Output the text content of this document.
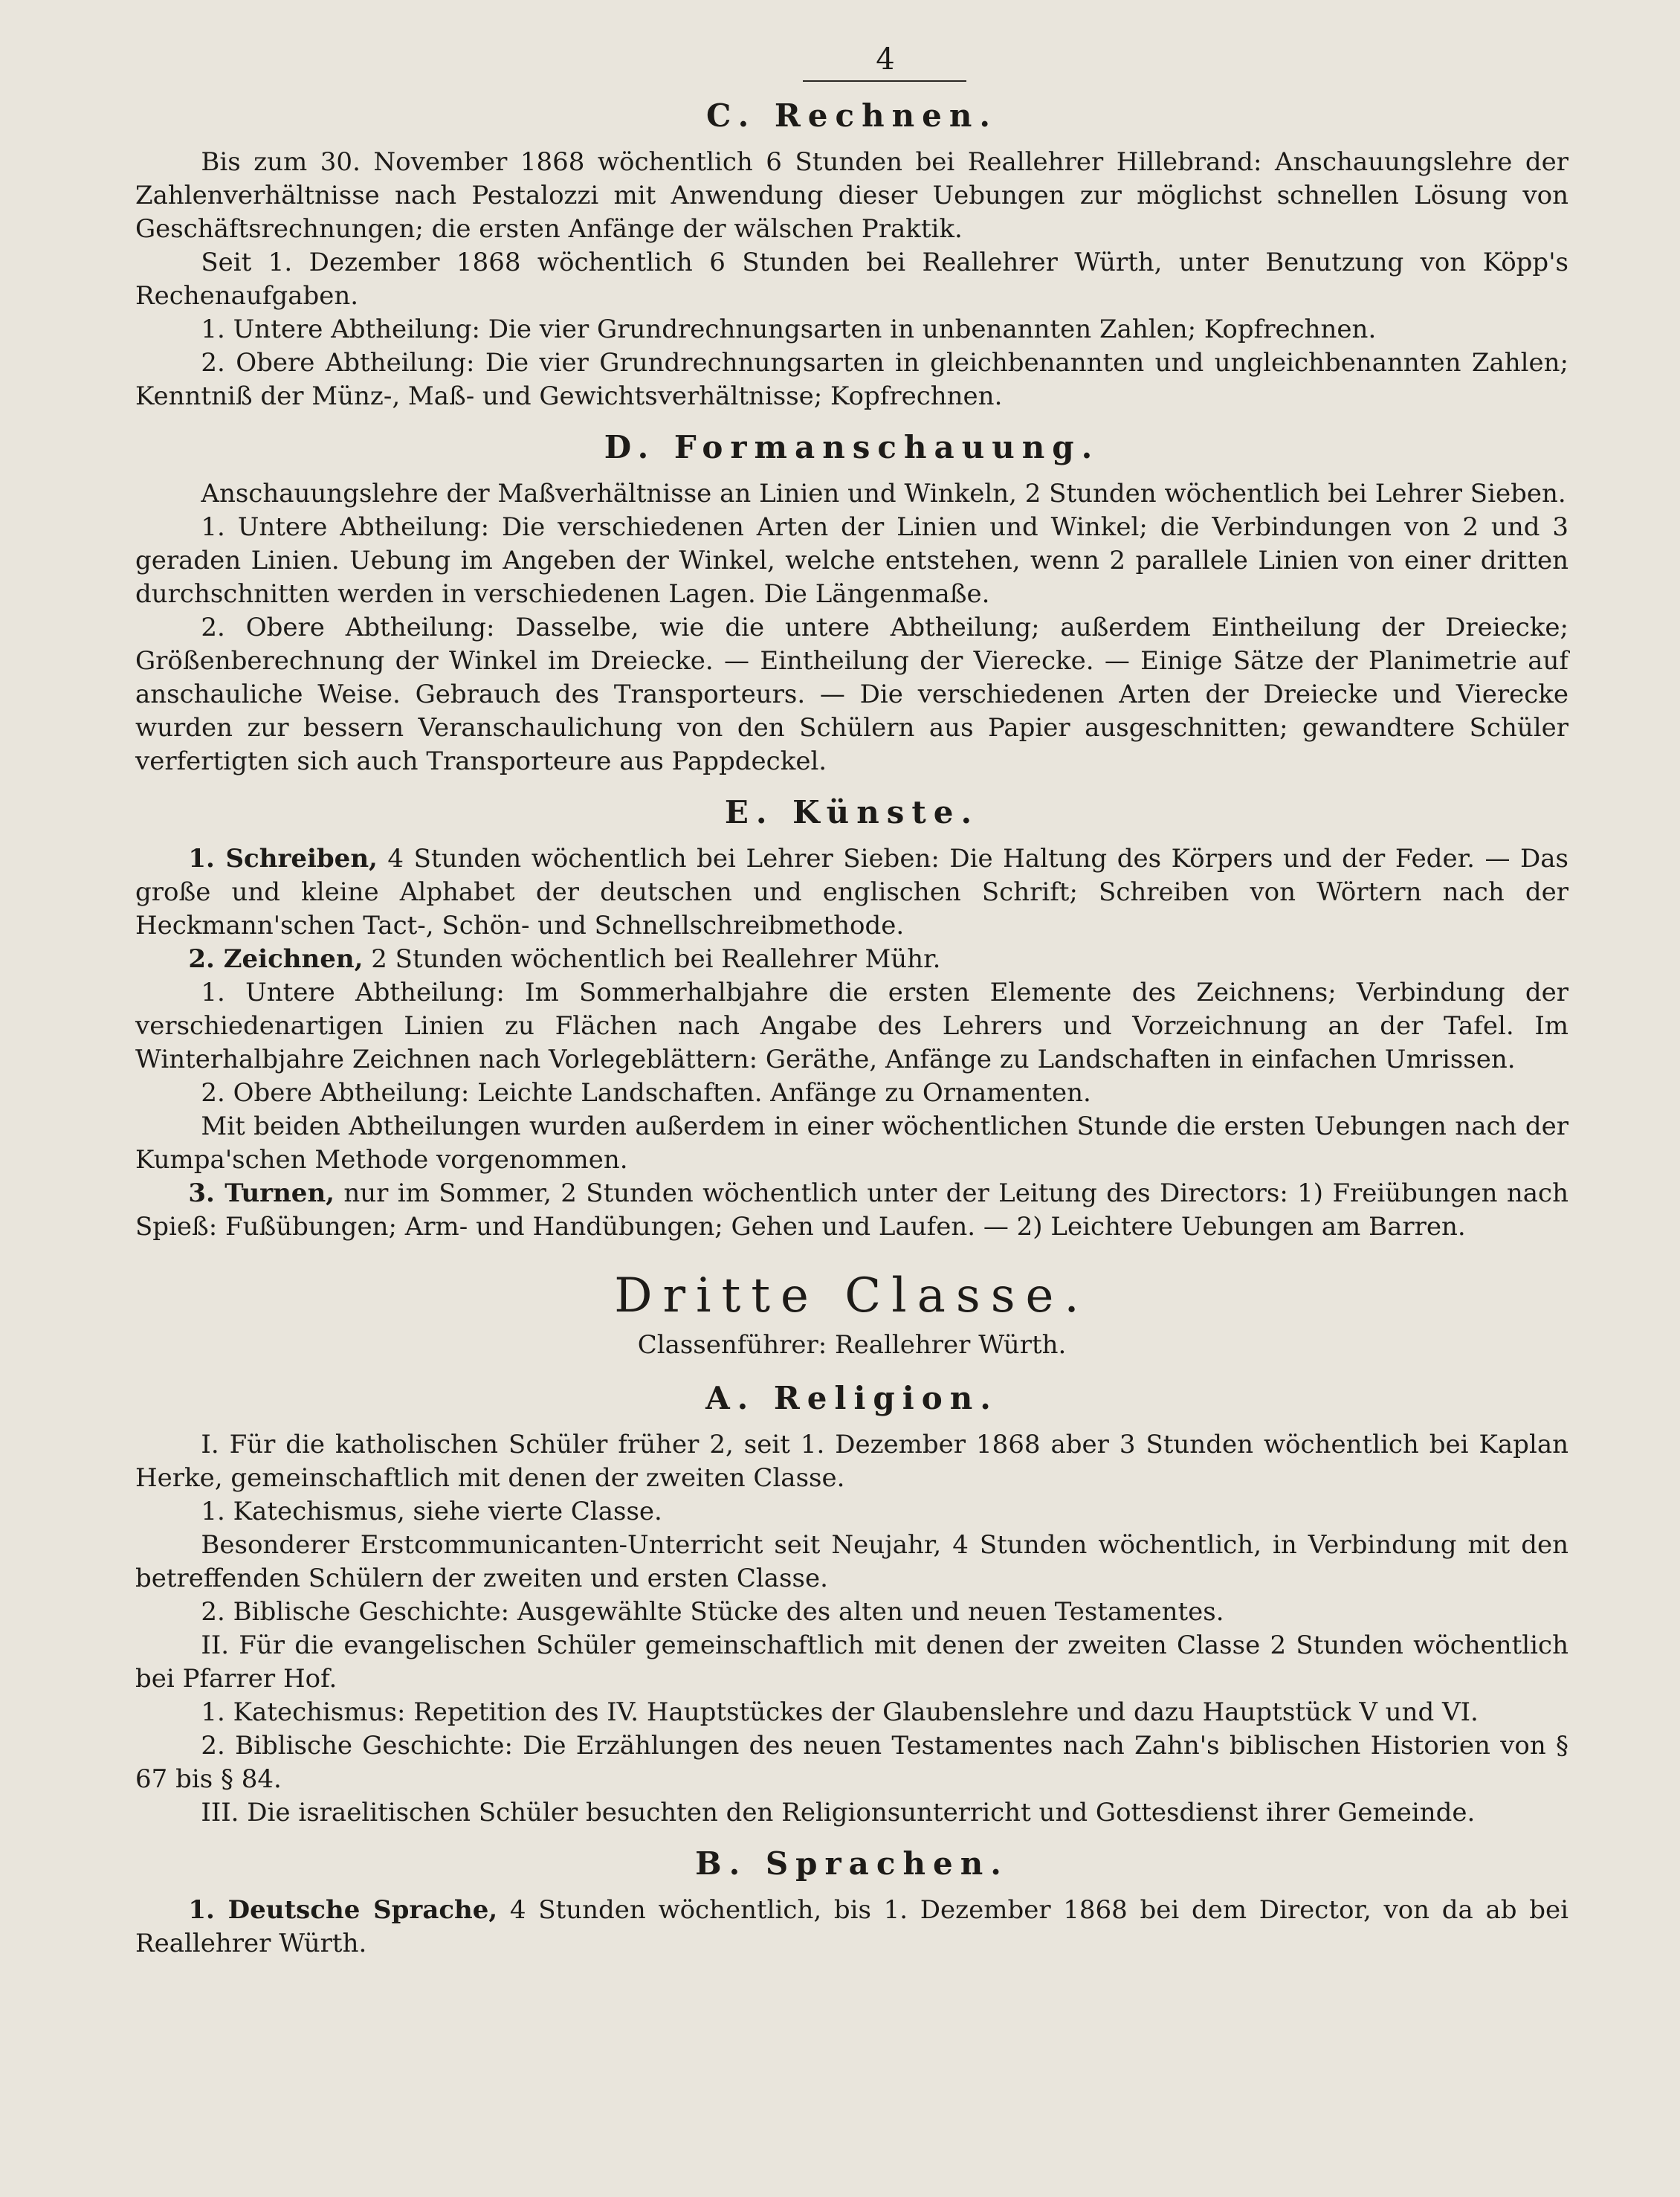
4
C. Rechnen.

Bis zum 30. November 1868 wöchentlich 6 Stunden bei Reallehrer Hillebrand: Anschauungslehre der Zahlenverhältnisse nach Pestalozzi mit Anwendung dieser Uebungen zur möglichst schnellen Lösung von Geschäftsrechnungen; die ersten Anfänge der wälschen Praktik.

Seit 1. Dezember 1868 wöchentlich 6 Stunden bei Reallehrer Würth, unter Benutzung von Köpp's Rechenaufgaben.

1. Untere Abtheilung: Die vier Grundrechnungsarten in unbenannten Zahlen; Kopfrechnen.

2. Obere Abtheilung: Die vier Grundrechnungsarten in gleichbenannten und ungleichbenannten Zahlen; Kenntniß der Münz-, Maß- und Gewichtsverhältnisse; Kopfrechnen.

D. Formanschauung.

Anschauungslehre der Maßverhältnisse an Linien und Winkeln, 2 Stunden wöchentlich bei Lehrer Sieben.

1. Untere Abtheilung: Die verschiedenen Arten der Linien und Winkel; die Verbindungen von 2 und 3 geraden Linien. Uebung im Angeben der Winkel, welche entstehen, wenn 2 parallele Linien von einer dritten durchschnitten werden in verschiedenen Lagen. Die Längenmaße.

2. Obere Abtheilung: Dasselbe, wie die untere Abtheilung; außerdem Eintheilung der Dreiecke; Größenberechnung der Winkel im Dreiecke. — Eintheilung der Vierecke. — Einige Sätze der Planimetrie auf anschauliche Weise. Gebrauch des Transporteurs. — Die verschiedenen Arten der Dreiecke und Vierecke wurden zur bessern Veranschaulichung von den Schülern aus Papier ausgeschnitten; gewandtere Schüler verfertigten sich auch Transporteure aus Pappdeckel.

E. Künste.

1. Schreiben, 4 Stunden wöchentlich bei Lehrer Sieben: Die Haltung des Körpers und der Feder. — Das große und kleine Alphabet der deutschen und englischen Schrift; Schreiben von Wörtern nach der Heckmann'schen Tact-, Schön- und Schnellschreibmethode.

2. Zeichnen, 2 Stunden wöchentlich bei Reallehrer Mühr.

1. Untere Abtheilung: Im Sommerhalbjahre die ersten Elemente des Zeichnens; Verbindung der verschiedenartigen Linien zu Flächen nach Angabe des Lehrers und Vorzeichnung an der Tafel. Im Winterhalbjahre Zeichnen nach Vorlegeblättern: Geräthe, Anfänge zu Landschaften in einfachen Umrissen.

2. Obere Abtheilung: Leichte Landschaften. Anfänge zu Ornamenten.

Mit beiden Abtheilungen wurden außerdem in einer wöchentlichen Stunde die ersten Uebungen nach der Kumpa'schen Methode vorgenommen.

3. Turnen, nur im Sommer, 2 Stunden wöchentlich unter der Leitung des Directors: 1) Freiübungen nach Spieß: Fußübungen; Arm- und Handübungen; Gehen und Laufen. — 2) Leichtere Uebungen am Barren.

Dritte Classe.
Classenführer: Reallehrer Würth.
A. Religion.

I. Für die katholischen Schüler früher 2, seit 1. Dezember 1868 aber 3 Stunden wöchentlich bei Kaplan Herke, gemeinschaftlich mit denen der zweiten Classe.

1. Katechismus, siehe vierte Classe.

Besonderer Erstcommunicanten-Unterricht seit Neujahr, 4 Stunden wöchentlich, in Verbindung mit den betreffenden Schülern der zweiten und ersten Classe.

2. Biblische Geschichte: Ausgewählte Stücke des alten und neuen Testamentes.

II. Für die evangelischen Schüler gemeinschaftlich mit denen der zweiten Classe 2 Stunden wöchentlich bei Pfarrer Hof.

1. Katechismus: Repetition des IV. Hauptstückes der Glaubenslehre und dazu Hauptstück V und VI.

2. Biblische Geschichte: Die Erzählungen des neuen Testamentes nach Zahn's biblischen Historien von § 67 bis § 84.

III. Die israelitischen Schüler besuchten den Religionsunterricht und Gottesdienst ihrer Gemeinde.

B. Sprachen.

1. Deutsche Sprache, 4 Stunden wöchentlich, bis 1. Dezember 1868 bei dem Director, von da ab bei Reallehrer Würth.
